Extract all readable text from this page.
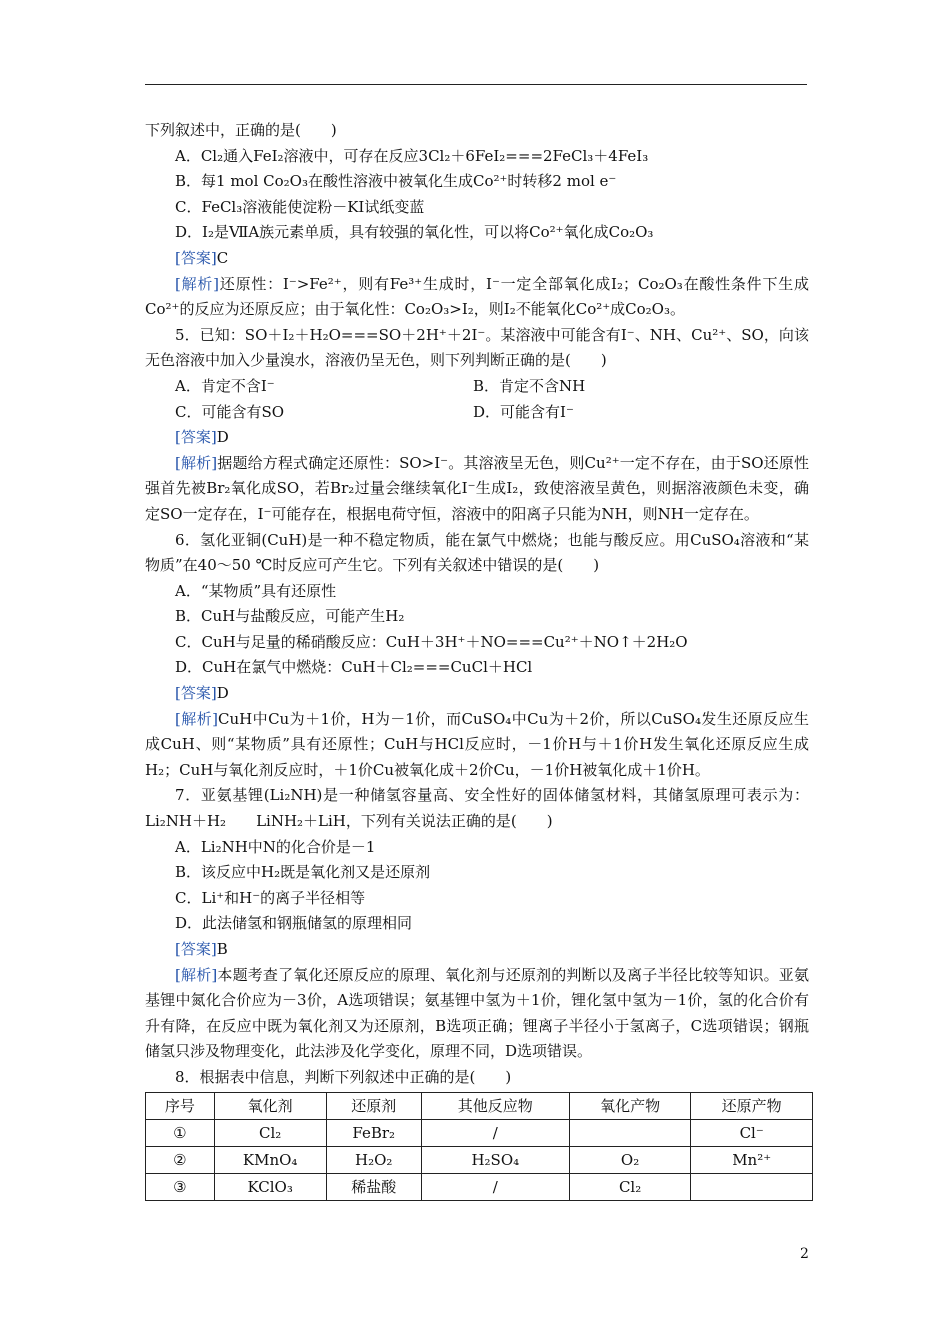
下列叙述中，正确的是(　　)
A．Cl₂通入FeI₂溶液中，可存在反应3Cl₂＋6FeI₂===2FeCl₃＋4FeI₃
B．每1 mol Co₂O₃在酸性溶液中被氧化生成Co²⁺时转移2 mol e⁻
C．FeCl₃溶液能使淀粉－KI试纸变蓝
D．I₂是ⅦA族元素单质，具有较强的氧化性，可以将Co²⁺氧化成Co₂O₃
[答案]C
[解析]还原性：I⁻>Fe²⁺，则有Fe³⁺生成时，I⁻一定全部氧化成I₂；Co₂O₃在酸性条件下生成Co²⁺的反应为还原反应；由于氧化性：Co₂O₃>I₂，则I₂不能氧化Co²⁺成Co₂O₃。
5．已知：SO＋I₂＋H₂O===SO＋2H⁺＋2I⁻。某溶液中可能含有I⁻、NH、Cu²⁺、SO，向该无色溶液中加入少量溴水，溶液仍呈无色，则下列判断正确的是(　　)
A．肯定不含I⁻	B．肯定不含NH
C．可能含有SO	D．可能含有I⁻
[答案]D
[解析]据题给方程式确定还原性：SO>I⁻。其溶液呈无色，则Cu²⁺一定不存在，由于SO还原性强首先被Br₂氧化成SO，若Br₂过量会继续氧化I⁻生成I₂，致使溶液呈黄色，则据溶液颜色未变，确定SO一定存在，I⁻可能存在，根据电荷守恒，溶液中的阳离子只能为NH，则NH一定存在。
6．氢化亚铜(CuH)是一种不稳定物质，能在氯气中燃烧；也能与酸反应。用CuSO₄溶液和“某物质”在40～50 ℃时反应可产生它。下列有关叙述中错误的是(　　)
A．“某物质”具有还原性
B．CuH与盐酸反应，可能产生H₂
C．CuH与足量的稀硝酸反应：CuH＋3H⁺＋NO===Cu²⁺＋NO↑＋2H₂O
D．CuH在氯气中燃烧：CuH＋Cl₂===CuCl＋HCl
[答案]D
[解析]CuH中Cu为＋1价，H为－1价，而CuSO₄中Cu为＋2价，所以CuSO₄发生还原反应生成CuH、则“某物质”具有还原性；CuH与HCl反应时，－1价H与＋1价H发生氧化还原反应生成H₂；CuH与氧化剂反应时，＋1价Cu被氧化成＋2价Cu，－1价H被氧化成＋1价H。
7．亚氨基锂(Li₂NH)是一种储氢容量高、安全性好的固体储氢材料，其储氢原理可表示为：Li₂NH＋H₂　　LiNH₂＋LiH，下列有关说法正确的是(　　)
A．Li₂NH中N的化合价是－1
B．该反应中H₂既是氧化剂又是还原剂
C．Li⁺和H⁻的离子半径相等
D．此法储氢和钢瓶储氢的原理相同
[答案]B
[解析]本题考查了氧化还原反应的原理、氧化剂与还原剂的判断以及离子半径比较等知识。亚氨基锂中氮化合价应为－3价，A选项错误；氨基锂中氢为＋1价，锂化氢中氢为－1价，氢的化合价有升有降，在反应中既为氧化剂又为还原剂，B选项正确；锂离子半径小于氢离子，C选项错误；钢瓶储氢只涉及物理变化，此法涉及化学变化，原理不同，D选项错误。
8．根据表中信息，判断下列叙述中正确的是(　　)
序号	氧化剂	还原剂	其他反应物	氧化产物	还原产物
①	Cl₂	FeBr₂	/		Cl⁻
②	KMnO₄	H₂O₂	H₂SO₄	O₂	Mn²⁺
③	KClO₃	稀盐酸	/	Cl₂	
2
